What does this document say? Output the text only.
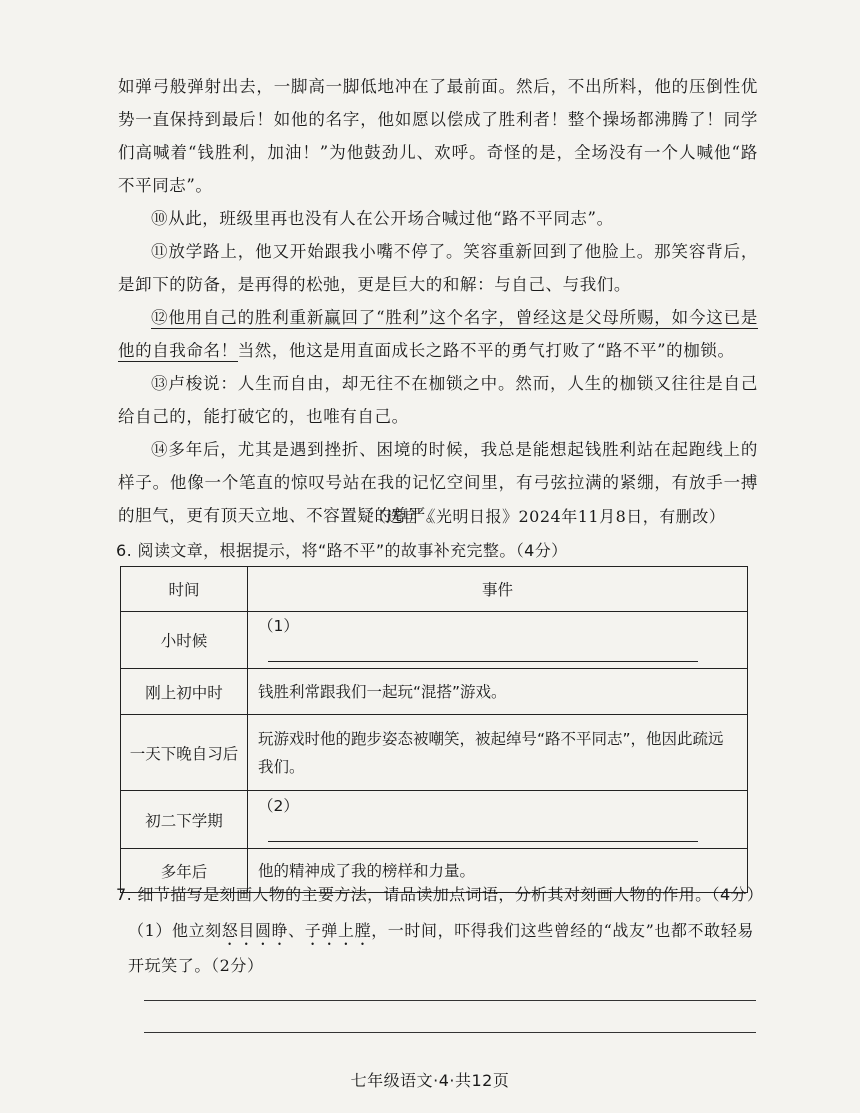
如弹弓般弹射出去，一脚高一脚低地冲在了最前面。然后，不出所料，他的压倒性优势一直保持到最后！如他的名字，他如愿以偿成了胜利者！整个操场都沸腾了！同学们高喊着“钱胜利，加油！”为他鼓劲儿、欢呼。奇怪的是，全场没有一个人喊他“路不平同志”。

⑩从此，班级里再也没有人在公开场合喊过他“路不平同志”。

⑪放学路上，他又开始跟我小嘴不停了。笑容重新回到了他脸上。那笑容背后，是卸下的防备，是再得的松弛，更是巨大的和解：与自己、与我们。

⑫他用自己的胜利重新赢回了“胜利”这个名字，曾经这是父母所赐，如今这已是他的自我命名！当然，他这是用直面成长之路不平的勇气打败了“路不平”的枷锁。

⑬卢梭说：人生而自由，却无往不在枷锁之中。然而，人生的枷锁又往往是自己给自己的，能打破它的，也唯有自己。

⑭多年后，尤其是遇到挫折、困境的时候，我总是能想起钱胜利站在起跑线上的样子。他像一个笔直的惊叹号站在我的记忆空间里，有弓弦拉满的紧绷，有放手一搏的胆气，更有顶天立地、不容置疑的尊严。

（选自《光明日报》2024年11月8日，有删改）
6. 阅读文章，根据提示，将“路不平”的故事补充完整。（4分）
时间	事件
小时候	（1）
刚上初中时	钱胜利常跟我们一起玩“混搭”游戏。
一天下晚自习后	玩游戏时他的跑步姿态被嘲笑，被起绰号“路不平同志”，他因此疏远我们。
初二下学期	（2）
多年后	他的精神成了我的榜样和力量。
7. 细节描写是刻画人物的主要方法，请品读加点词语，分析其对刻画人物的作用。（4分）

（1）他立刻怒目圆睁、子弹上膛，一时间，吓得我们这些曾经的“战友”也都不敢轻易开玩笑了。（2分）

七年级语文·4·共12页
